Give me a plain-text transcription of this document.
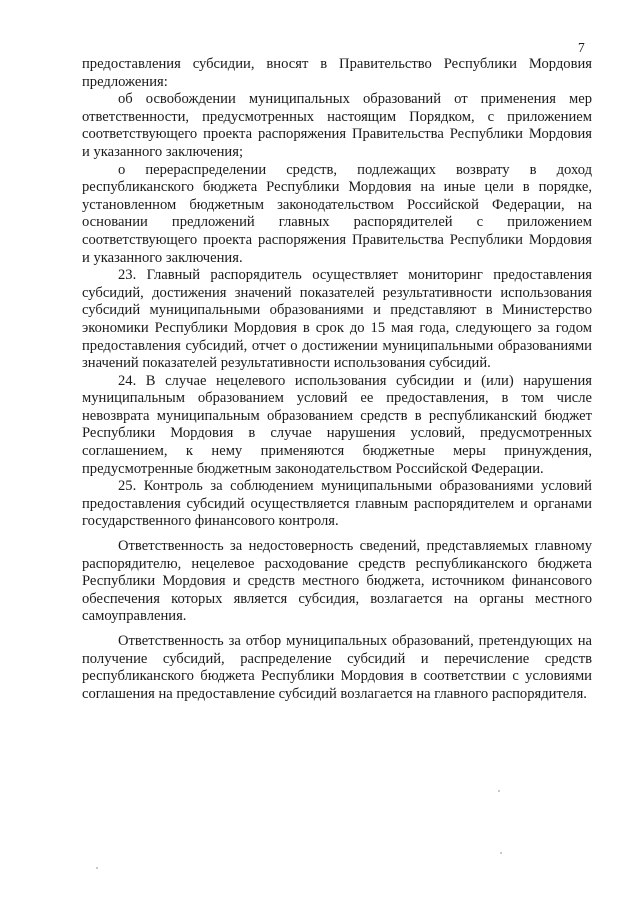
7

предоставления субсидии, вносят в Правительство Республики Мордовия предложения:

об освобождении муниципальных образований от применения мер ответственности, предусмотренных настоящим Порядком, с приложением соответствующего проекта распоряжения Правительства Республики Мордовия и указанного заключения;

о перераспределении средств, подлежащих возврату в доход республиканского бюджета Республики Мордовия на иные цели в порядке, установленном бюджетным законодательством Российской Федерации, на основании предложений главных распорядителей с приложением соответствующего проекта распоряжения Правительства Республики Мордовия и указанного заключения.

23. Главный распорядитель осуществляет мониторинг предоставления субсидий, достижения значений показателей результативности использования субсидий муниципальными образованиями и представляют в Министерство экономики Республики Мордовия в срок до 15 мая года, следующего за годом предоставления субсидий, отчет о достижении муниципальными образованиями значений показателей результативности использования субсидий.

24. В случае нецелевого использования субсидии и (или) нарушения муниципальным образованием условий ее предоставления, в том числе невозврата муниципальным образованием средств в республиканский бюджет Республики Мордовия в случае нарушения условий, предусмотренных соглашением, к нему применяются бюджетные меры принуждения, предусмотренные бюджетным законодательством Российской Федерации.

25. Контроль за соблюдением муниципальными образованиями условий предоставления субсидий осуществляется главным распорядителем и органами государственного финансового контроля.

Ответственность за недостоверность сведений, представляемых главному распорядителю, нецелевое расходование средств республиканского бюджета Республики Мордовия и средств местного бюджета, источником финансового обеспечения которых является субсидия, возлагается на органы местного самоуправления.

Ответственность за отбор муниципальных образований, претендующих на получение субсидий, распределение субсидий и перечисление средств республиканского бюджета Республики Мордовия в соответствии с условиями соглашения на предоставление субсидий возлагается на главного распорядителя.
